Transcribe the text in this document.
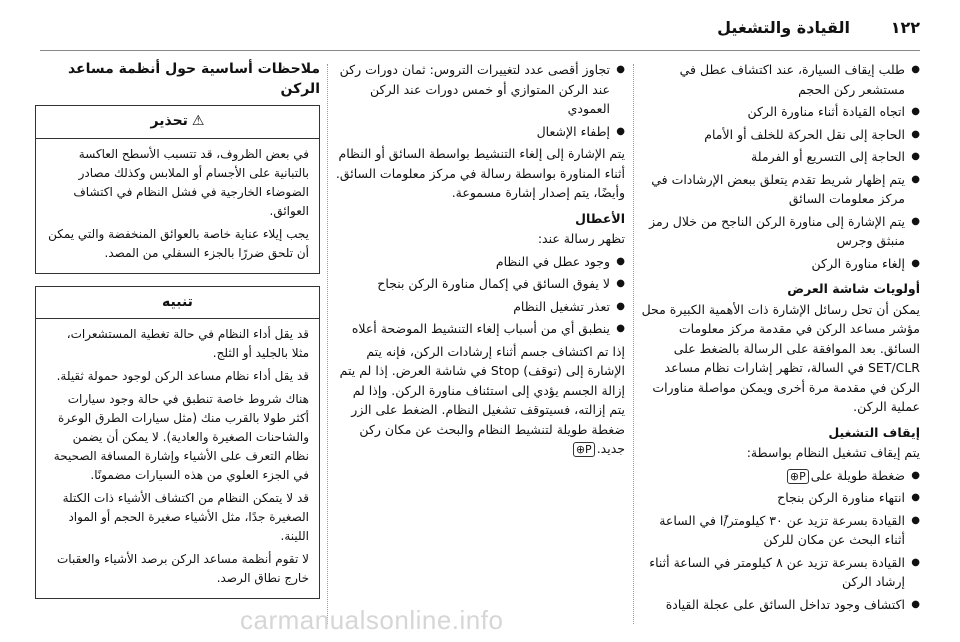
١٢٢
القيادة والتشغيل
● طلب إيقاف السيارة، عند اكتشاف عطل في مستشعر ركن الحجم
● اتجاه القيادة أثناء مناورة الركن
● الحاجة إلى نقل الحركة للخلف أو الأمام
● الحاجة إلى التسريع أو الفرملة
● يتم إظهار شريط تقدم يتعلق ببعض الإرشادات في مركز معلومات السائق
● يتم الإشارة إلى مناورة الركن الناجح من خلال رمز منبثق وجرس
● إلغاء مناورة الركن
أولويات شاشة العرض

يمكن أن تحل رسائل الإشارة ذات الأهمية الكبيرة محل مؤشر مساعد الركن في مقدمة مركز معلومات السائق. بعد الموافقة على الرسالة بالضغط على SET/CLR في السالة، تظهر إشارات نظام مساعد الركن في مقدمة مرة أخرى ويمكن مواصلة مناورات عملية الركن.

إيقاف التشغيل

يتم إيقاف تشغيل النظام بواسطة:

● ضغطة طويلة علىP⊕
● انتهاء مناورة الركن بنجاح
● القيادة بسرعة تزيد عن ٣٠ كيلومتر/ًا في الساعة أثناء البحث عن مكان للركن
● القيادة بسرعة تزيد عن ٨ كيلومتر في الساعة أثناء إرشاد الركن
● اكتشاف وجود تداخل السائق على عجلة القيادة
● تجاوز أقصى عدد لتغييرات التروس: ثمان دورات ركن عند الركن المتوازي أو خمس دورات عند الركن العمودي
● إطفاء الإشعال

يتم الإشارة إلى إلغاء التنشيط بواسطة السائق أو النظام أثناء المناورة بواسطة رسالة في مركز معلومات السائق. وأيضًا، يتم إصدار إشارة مسموعة.

الأعطال

تظهر رسالة عند:

● وجود عطل في النظام
● لا يفوق السائق في إكمال مناورة الركن بنجاح
● تعذر تشغيل النظام
● ينطبق أي من أسباب إلغاء التنشيط الموضحة أعلاه

إذا تم اكتشاف جسم أثناء إرشادات الركن، فإنه يتم الإشارة إلى (توقف) Stop في شاشة العرض. إذا لم يتم إزالة الجسم يؤدي إلى استئناف مناورة الركن. وإذا لم يتم إزالته، فسيتوقف تشغيل النظام. الضغط على الزر ضغطة طويلة لتنشيط النظام والبحث عن مكان ركن جديد.P⊕

ملاحظات أساسية حول أنظمة مساعد الركن
⚠تحذير

في بعض الظروف، قد تتسبب الأسطح العاكسة بالتبانية على الأجسام أو الملابس وكذلك مصادر الضوضاء الخارجية في فشل النظام في اكتشاف العوائق.

يجب إيلاء عناية خاصة بالعوائق المنخفضة والتي يمكن أن تلحق ضررًا بالجزء السفلي من المصد.

تنبيه

قد يقل أداء النظام في حالة تغطية المستشعرات، مثلا بالجليد أو الثلج.

قد يقل أداء نظام مساعد الركن لوجود حمولة ثقيلة.

هناك شروط خاصة تنطبق في حالة وجود سيارات أكثر طولا بالقرب منك (مثل سيارات الطرق الوعرة والشاحنات الصغيرة والعادية). لا يمكن أن يضمن نظام التعرف على الأشياء وإشارة المسافة الصحيحة في الجزء العلوي من هذه السيارات مضمونًا.

قد لا يتمكن النظام من اكتشاف الأشياء ذات الكتلة الصغيرة جدًا، مثل الأشياء صغيرة الحجم أو المواد اللينة.

لا تقوم أنظمة مساعد الركن برصد الأشياء والعقبات خارج نطاق الرصد.

carmanualsonline.info
